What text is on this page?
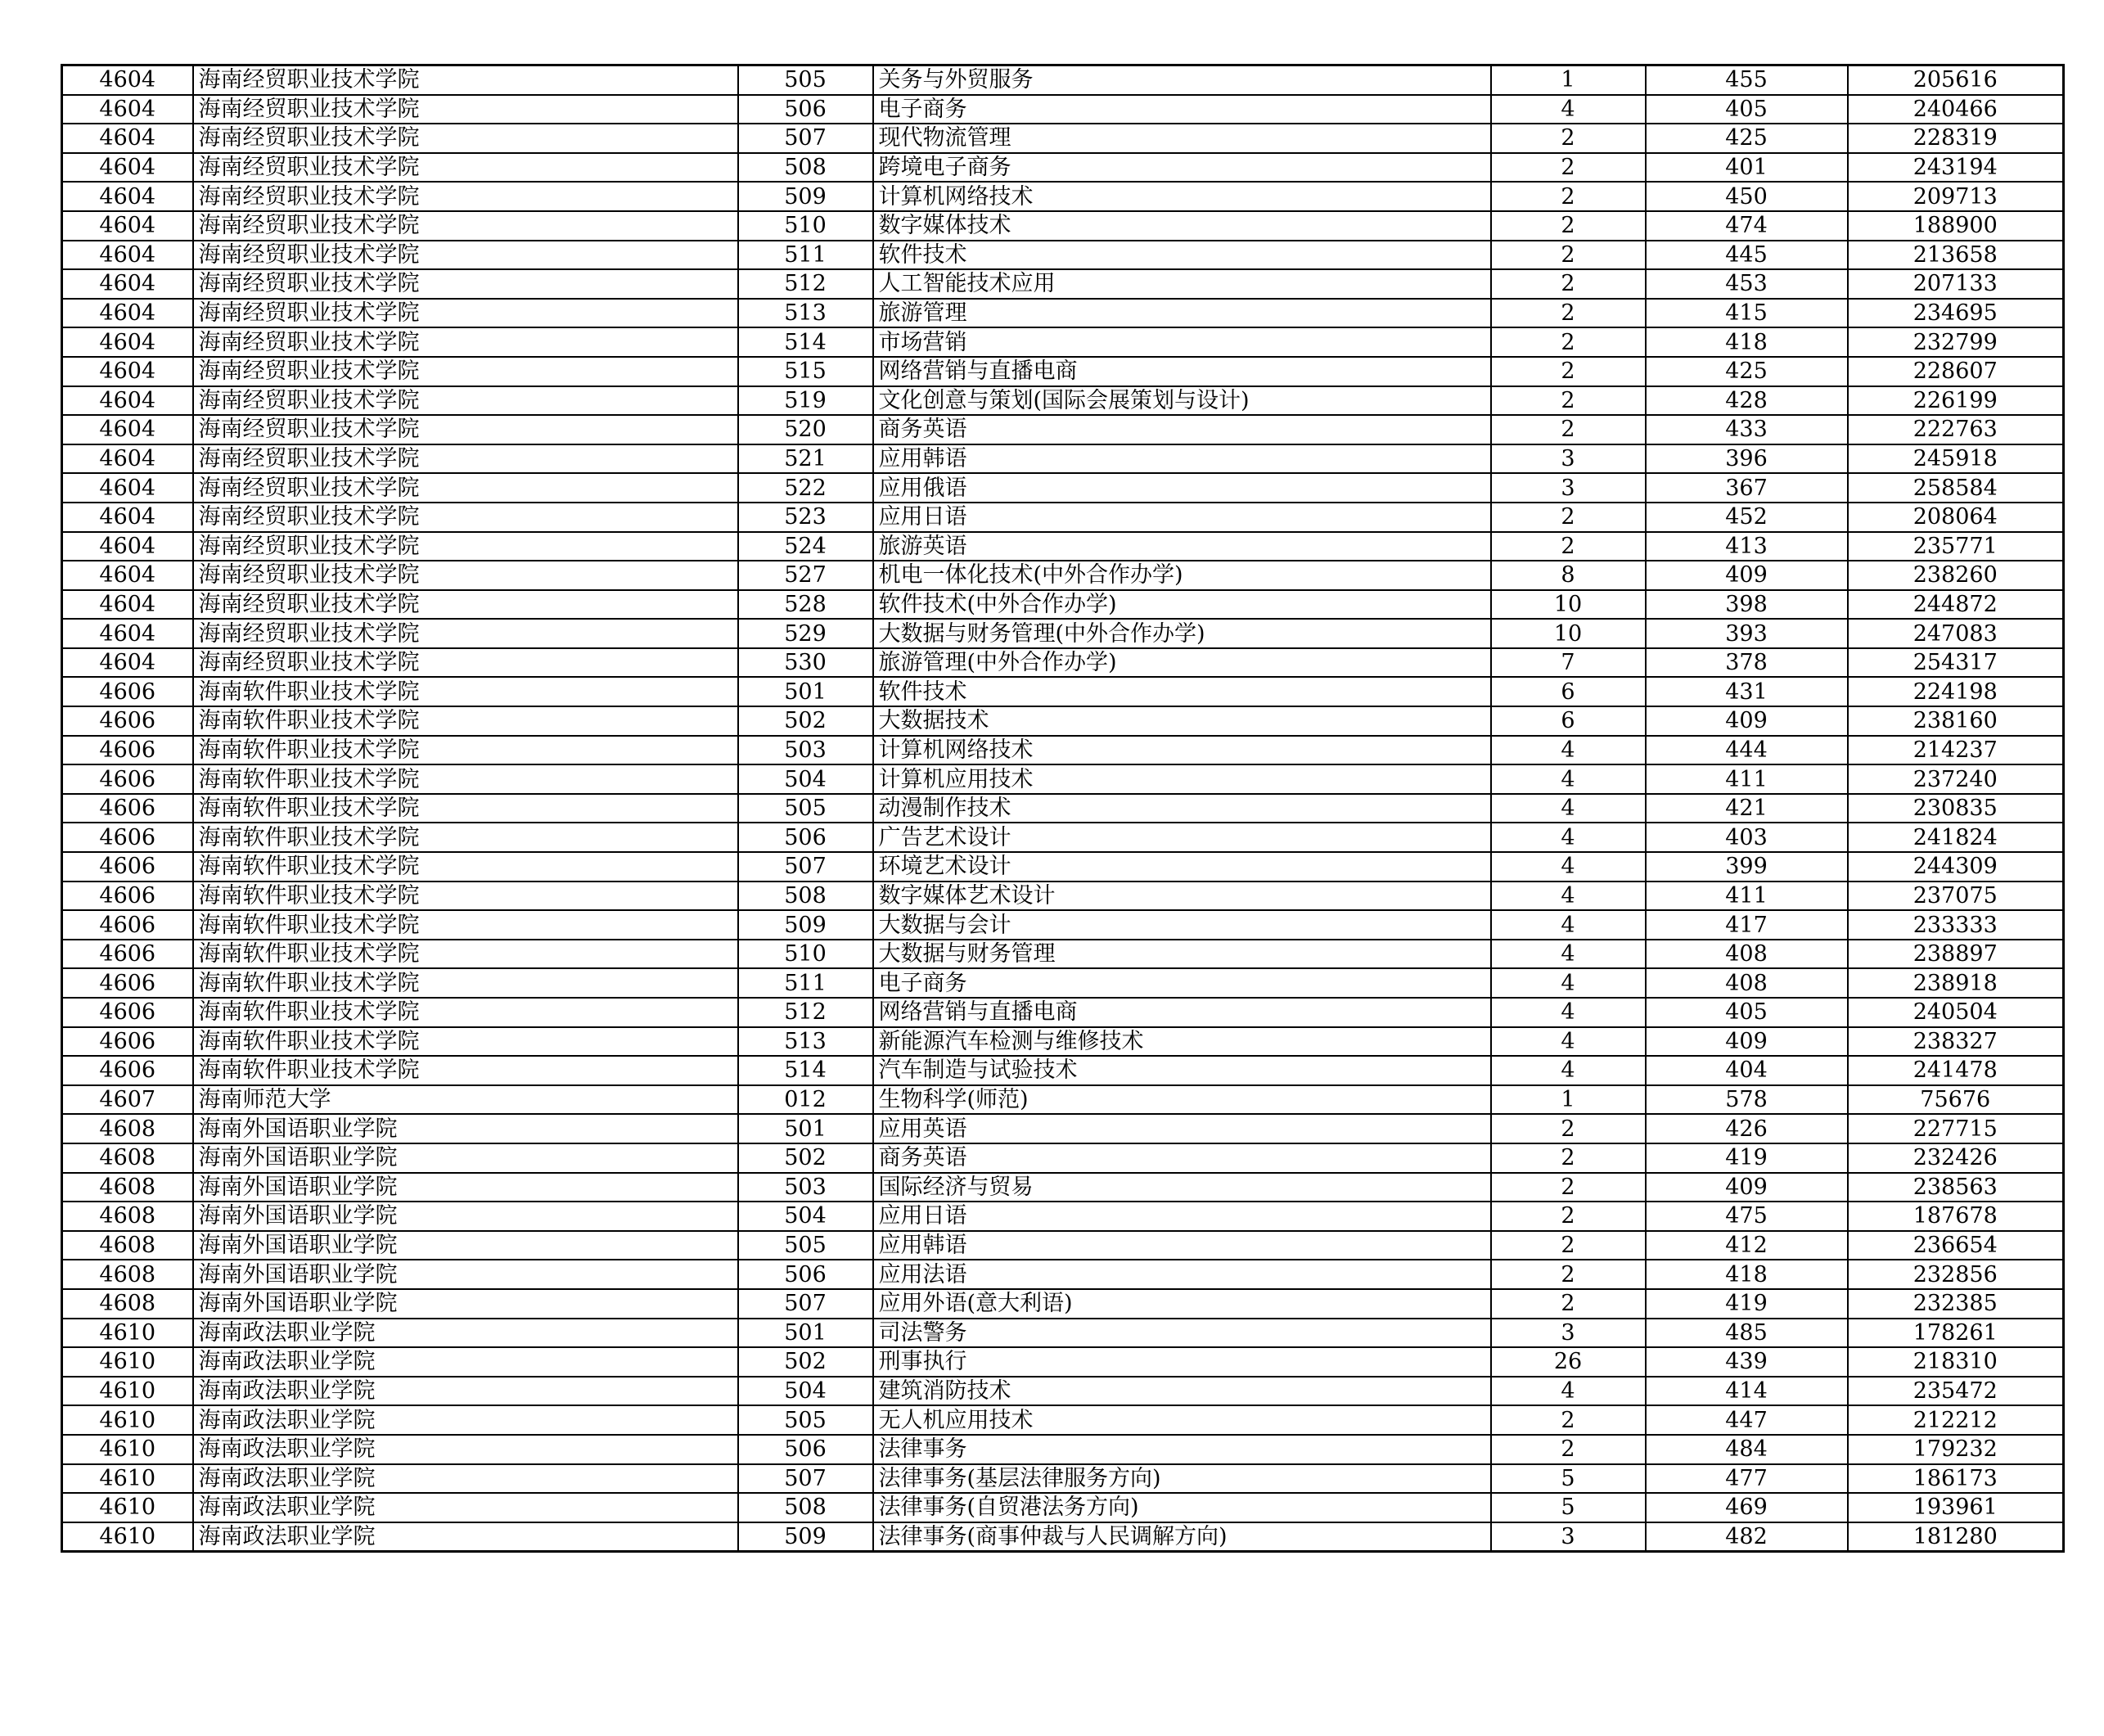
4604	海南经贸职业技术学院	505	关务与外贸服务	1	455	205616
4604	海南经贸职业技术学院	506	电子商务	4	405	240466
4604	海南经贸职业技术学院	507	现代物流管理	2	425	228319
4604	海南经贸职业技术学院	508	跨境电子商务	2	401	243194
4604	海南经贸职业技术学院	509	计算机网络技术	2	450	209713
4604	海南经贸职业技术学院	510	数字媒体技术	2	474	188900
4604	海南经贸职业技术学院	511	软件技术	2	445	213658
4604	海南经贸职业技术学院	512	人工智能技术应用	2	453	207133
4604	海南经贸职业技术学院	513	旅游管理	2	415	234695
4604	海南经贸职业技术学院	514	市场营销	2	418	232799
4604	海南经贸职业技术学院	515	网络营销与直播电商	2	425	228607
4604	海南经贸职业技术学院	519	文化创意与策划(国际会展策划与设计)	2	428	226199
4604	海南经贸职业技术学院	520	商务英语	2	433	222763
4604	海南经贸职业技术学院	521	应用韩语	3	396	245918
4604	海南经贸职业技术学院	522	应用俄语	3	367	258584
4604	海南经贸职业技术学院	523	应用日语	2	452	208064
4604	海南经贸职业技术学院	524	旅游英语	2	413	235771
4604	海南经贸职业技术学院	527	机电一体化技术(中外合作办学)	8	409	238260
4604	海南经贸职业技术学院	528	软件技术(中外合作办学)	10	398	244872
4604	海南经贸职业技术学院	529	大数据与财务管理(中外合作办学)	10	393	247083
4604	海南经贸职业技术学院	530	旅游管理(中外合作办学)	7	378	254317
4606	海南软件职业技术学院	501	软件技术	6	431	224198
4606	海南软件职业技术学院	502	大数据技术	6	409	238160
4606	海南软件职业技术学院	503	计算机网络技术	4	444	214237
4606	海南软件职业技术学院	504	计算机应用技术	4	411	237240
4606	海南软件职业技术学院	505	动漫制作技术	4	421	230835
4606	海南软件职业技术学院	506	广告艺术设计	4	403	241824
4606	海南软件职业技术学院	507	环境艺术设计	4	399	244309
4606	海南软件职业技术学院	508	数字媒体艺术设计	4	411	237075
4606	海南软件职业技术学院	509	大数据与会计	4	417	233333
4606	海南软件职业技术学院	510	大数据与财务管理	4	408	238897
4606	海南软件职业技术学院	511	电子商务	4	408	238918
4606	海南软件职业技术学院	512	网络营销与直播电商	4	405	240504
4606	海南软件职业技术学院	513	新能源汽车检测与维修技术	4	409	238327
4606	海南软件职业技术学院	514	汽车制造与试验技术	4	404	241478
4607	海南师范大学	012	生物科学(师范)	1	578	75676
4608	海南外国语职业学院	501	应用英语	2	426	227715
4608	海南外国语职业学院	502	商务英语	2	419	232426
4608	海南外国语职业学院	503	国际经济与贸易	2	409	238563
4608	海南外国语职业学院	504	应用日语	2	475	187678
4608	海南外国语职业学院	505	应用韩语	2	412	236654
4608	海南外国语职业学院	506	应用法语	2	418	232856
4608	海南外国语职业学院	507	应用外语(意大利语)	2	419	232385
4610	海南政法职业学院	501	司法警务	3	485	178261
4610	海南政法职业学院	502	刑事执行	26	439	218310
4610	海南政法职业学院	504	建筑消防技术	4	414	235472
4610	海南政法职业学院	505	无人机应用技术	2	447	212212
4610	海南政法职业学院	506	法律事务	2	484	179232
4610	海南政法职业学院	507	法律事务(基层法律服务方向)	5	477	186173
4610	海南政法职业学院	508	法律事务(自贸港法务方向)	5	469	193961
4610	海南政法职业学院	509	法律事务(商事仲裁与人民调解方向)	3	482	181280
